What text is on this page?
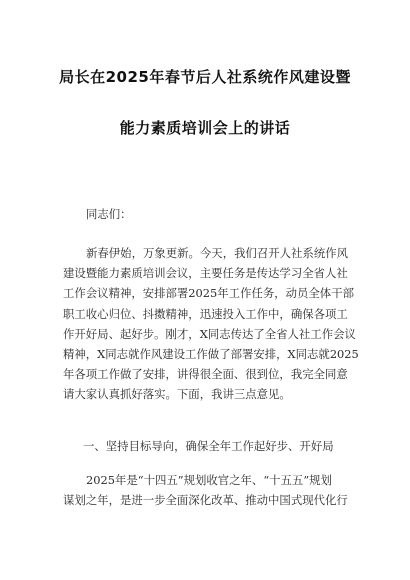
局长在2025年春节后人社系统作风建设暨
能力素质培训会上的讲话
同志们：
新春伊始，万象更新。今天，我们召开人社系统作风
建设暨能力素质培训会议，主要任务是传达学习全省人社
工作会议精神，安排部署2025年工作任务，动员全体干部
职工收心归位、抖擞精神，迅速投入工作中，确保各项工
作开好局、起好步。刚才，X同志传达了全省人社工作会议
精神，X同志就作风建设工作做了部署安排，X同志就2025
年各项工作做了安排，讲得很全面、很到位，我完全同意
请大家认真抓好落实。下面，我讲三点意见。
一、坚持目标导向，确保全年工作起好步、开好局
2025年是“十四五”规划收官之年、“十五五”规划
谋划之年，是进一步全面深化改革、推动中国式现代化行
